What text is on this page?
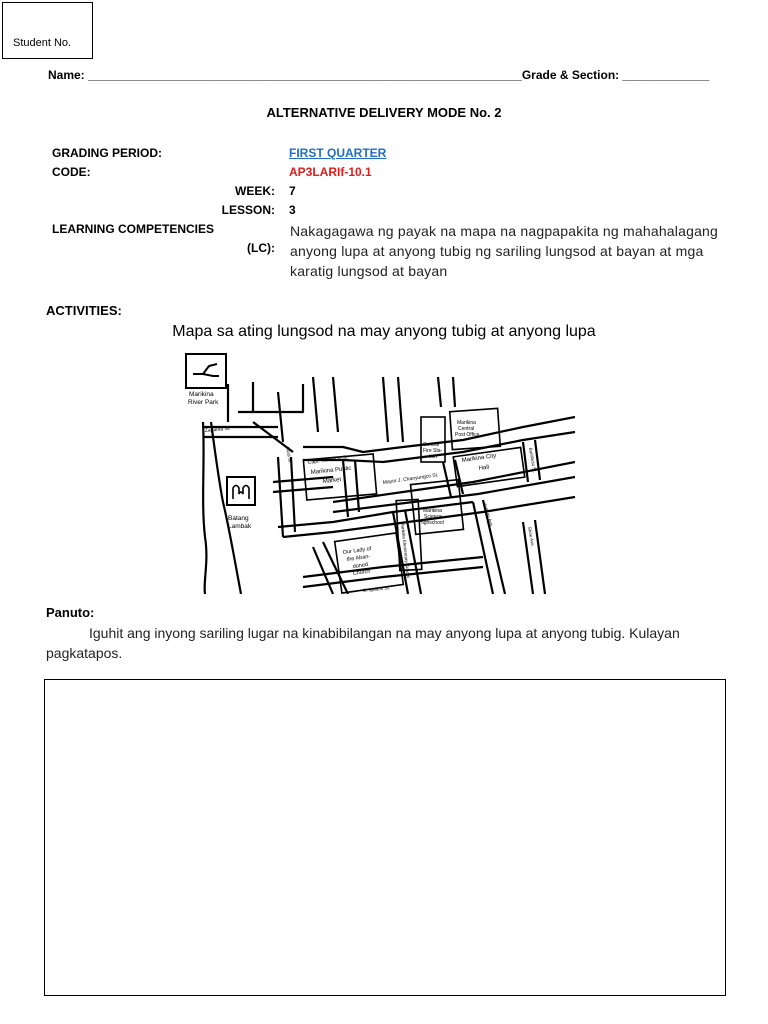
Student No.
Name: _________________________________________________________________Grade & Section: _____________
ALTERNATIVE DELIVERY MODE No. 2
GRADING PERIOD:	FIRST QUARTER
CODE:	AP3LARIf-10.1
WEEK: 7
LESSON: 3
LEARNING COMPETENCIES
(LC):
Nakagagawa ng payak na mapa na nagpapakita ng mahahalagang anyong lupa at anyong tubig ng sariling lungsod at bayan at mga karatig lungsod at bayan
ACTIVITIES:
Mapa sa ating lungsod na may anyong tubig at anyong lupa
Marikina
River Park
Batang
Lambak
Zapanta St.
Capt. Venancio St.
Mayor J. Chanyungco St.
Marikina Public
Market
Marikina City
Hall
Marikina
Central
Post Office
Central
Fire Sta-
tion
Marikina
Science
Highschool
Our Lady of
the Aban-
doned
Church	Marikina Elementary School
Tañada Ave.
Rizal St.	Bonifacio St.
Shoe Ave.
G. Ignacio St.
Panuto:
Iguhit ang inyong sariling lugar na kinabibilangan na may anyong lupa at anyong tubig. Kulayan pagkatapos.
